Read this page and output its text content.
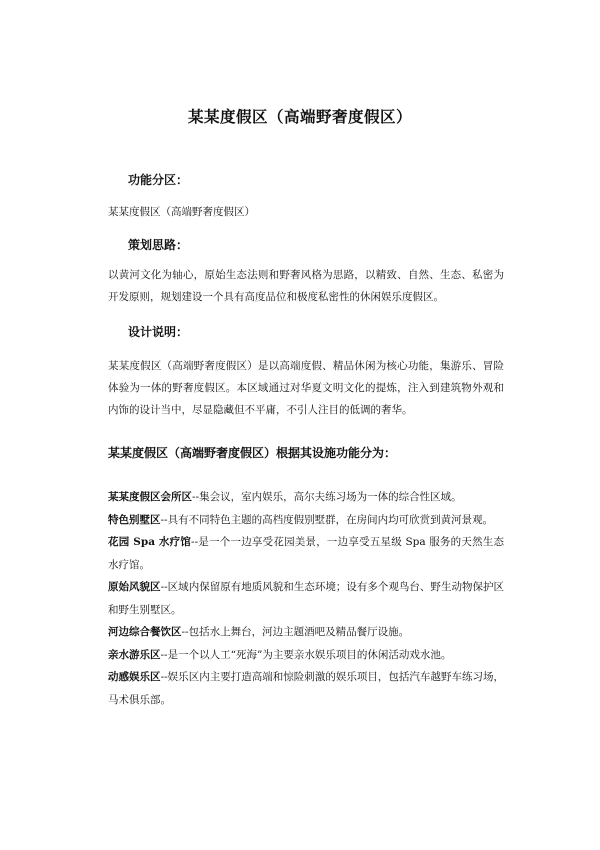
某某度假区（高端野奢度假区）
功能分区：
某某度假区（高端野奢度假区）
策划思路：
以黄河文化为轴心，原始生态法则和野奢风格为思路，以精致、自然、生态、私密为开发原则，规划建设一个具有高度品位和极度私密性的休闲娱乐度假区。
设计说明：
某某度假区（高端野奢度假区）是以高端度假、精品休闲为核心功能，集游乐、冒险体验为一体的野奢度假区。本区域通过对华夏文明文化的提炼，注入到建筑物外观和内饰的设计当中，尽显隐藏但不平庸，不引人注目的低调的奢华。
某某度假区（高端野奢度假区）根据其设施功能分为：

某某度假区会所区--集会议，室内娱乐，高尔夫练习场为一体的综合性区域。

特色别墅区--具有不同特色主题的高档度假别墅群，在房间内均可欣赏到黄河景观。

花园 Spa 水疗馆--是一个一边享受花园美景，一边享受五星级 Spa 服务的天然生态水疗馆。

原始风貌区--区域内保留原有地质风貌和生态环境；设有多个观鸟台、野生动物保护区和野生别墅区。

河边综合餐饮区--包括水上舞台，河边主题酒吧及精品餐厅设施。

亲水游乐区--是一个以人工“死海”为主要亲水娱乐项目的休闲活动戏水池。

动感娱乐区--娱乐区内主要打造高端和惊险刺激的娱乐项目，包括汽车越野车练习场，马术俱乐部。
